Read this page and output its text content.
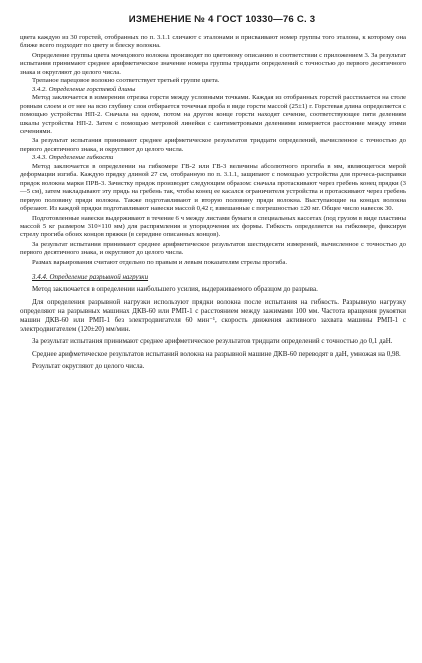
ИЗМЕНЕНИЕ № 4 ГОСТ 10330—76 С. 3

цвета каждую из 30 горстей, отобранных по п. 3.1.1 сличают с эталонами и присваивают номер группы того эталона, к которому она ближе всего подходит по цвету и блеску волокна.

Определение группы цвета мочецового волокна производят по цветовому описанию в соответствии с приложением 3. За результат испытания принимают среднее арифметическое значение номера группы тридцати определений с точностью до первого десятичного знака и округляют до целого числа.

Трепаное парецовое волокно соответствует третьей группе цвета.

3.4.2. Определение горстевой длины

Метод заключается в измерении отрезка горсти между условными точками. Каждая из отобранных горстей расстилается на столе ровным слоем и от нее на всю глубину слоя отбирается точечная проба в виде горсти массой (25±1) г. Горстевая длина определяется с помощью устройства НП-2. Сначала на одном, потом на другом конце горсти находят сечение, соответствующее пяти делениям шкалы устройства НП-2. Затем с помощью метровой линейки с сантиметровыми делениями измеряется расстояние между этими сечениями.

За результат испытания принимают среднее арифметическое результатов тридцати определений, вычисленное с точностью до первого десятичного знака, и округляют до целого числа.

3.4.3. Определение гибкости

Метод заключается в определении на гибкомере ГВ-2 или ГВ-3 величины абсолютного прогиба в мм, являющегося мерой деформации изгиба. Каждую прядку длиной 27 см, отобранную по п. 3.1.1, защипают с помощью устройства для прочеса-расправки прядок волокна марки ПРВ-3. Зачистку прядок производят следующим образом: сначала протаскивают через гребень конец прядки (3—5 см), затем накладывают эту прядь на гребень так, чтобы конец ее касался ограничителя устройства и протаскивают через гребень первую половину пряди волокна. Также подготавливают и вторую половину пряди волокна. Выступающие на концах волокна обрезают. Из каждой прядки подготавливают навески массой 0,42 г, взвешанные с погрешностью ±20 мг. Общее число навесок 30.

Подготовленные навески выдерживают в течение 6 ч между листами бумаги в специальных кассетах (под грузом в виде пластины массой 5 кг размером 310×110 мм) для распрямления и упорядочения их формы. Гибкость определяется на гибкомере, фиксируя стрелу прогиба обоих концов пряжки (в середине описанных концов).

За результат испытания принимают среднее арифметическое результатов шестидесяти измерений, вычисленное с точностью до первого десятичного знака, и округляют до целого числа.

Размах варьирования считают отдельно по правым и левым показателям стрелы прогиба.

3.4.4. Определение разрывной нагрузки

Метод заключается в определении наибольшего усилия, выдерживаемого образцом до разрыва.

Для определения разрывной нагрузки используют прядки волокна после испытания на гибкость. Разрывную нагрузку определяют на разрывных машинах ДКВ-60 или РМП-1 с расстоянием между зажимами 100 мм. Частота вращения рукоятки машин ДКВ-60 или РМП-1 без электродвигателя 60 мин⁻¹, скорость движения активного захвата машины РМП-1 с электродвигателем (120±20) мм/мин.

За результат испытания принимают среднее арифметическое результатов тридцати определений с точностью до 0,1 даН.

Среднее арифметическое результатов испытаний волокна на разрывной машине ДКВ-60 переводят в даН, умножая на 0,98.

Результат округляют до целого числа.
